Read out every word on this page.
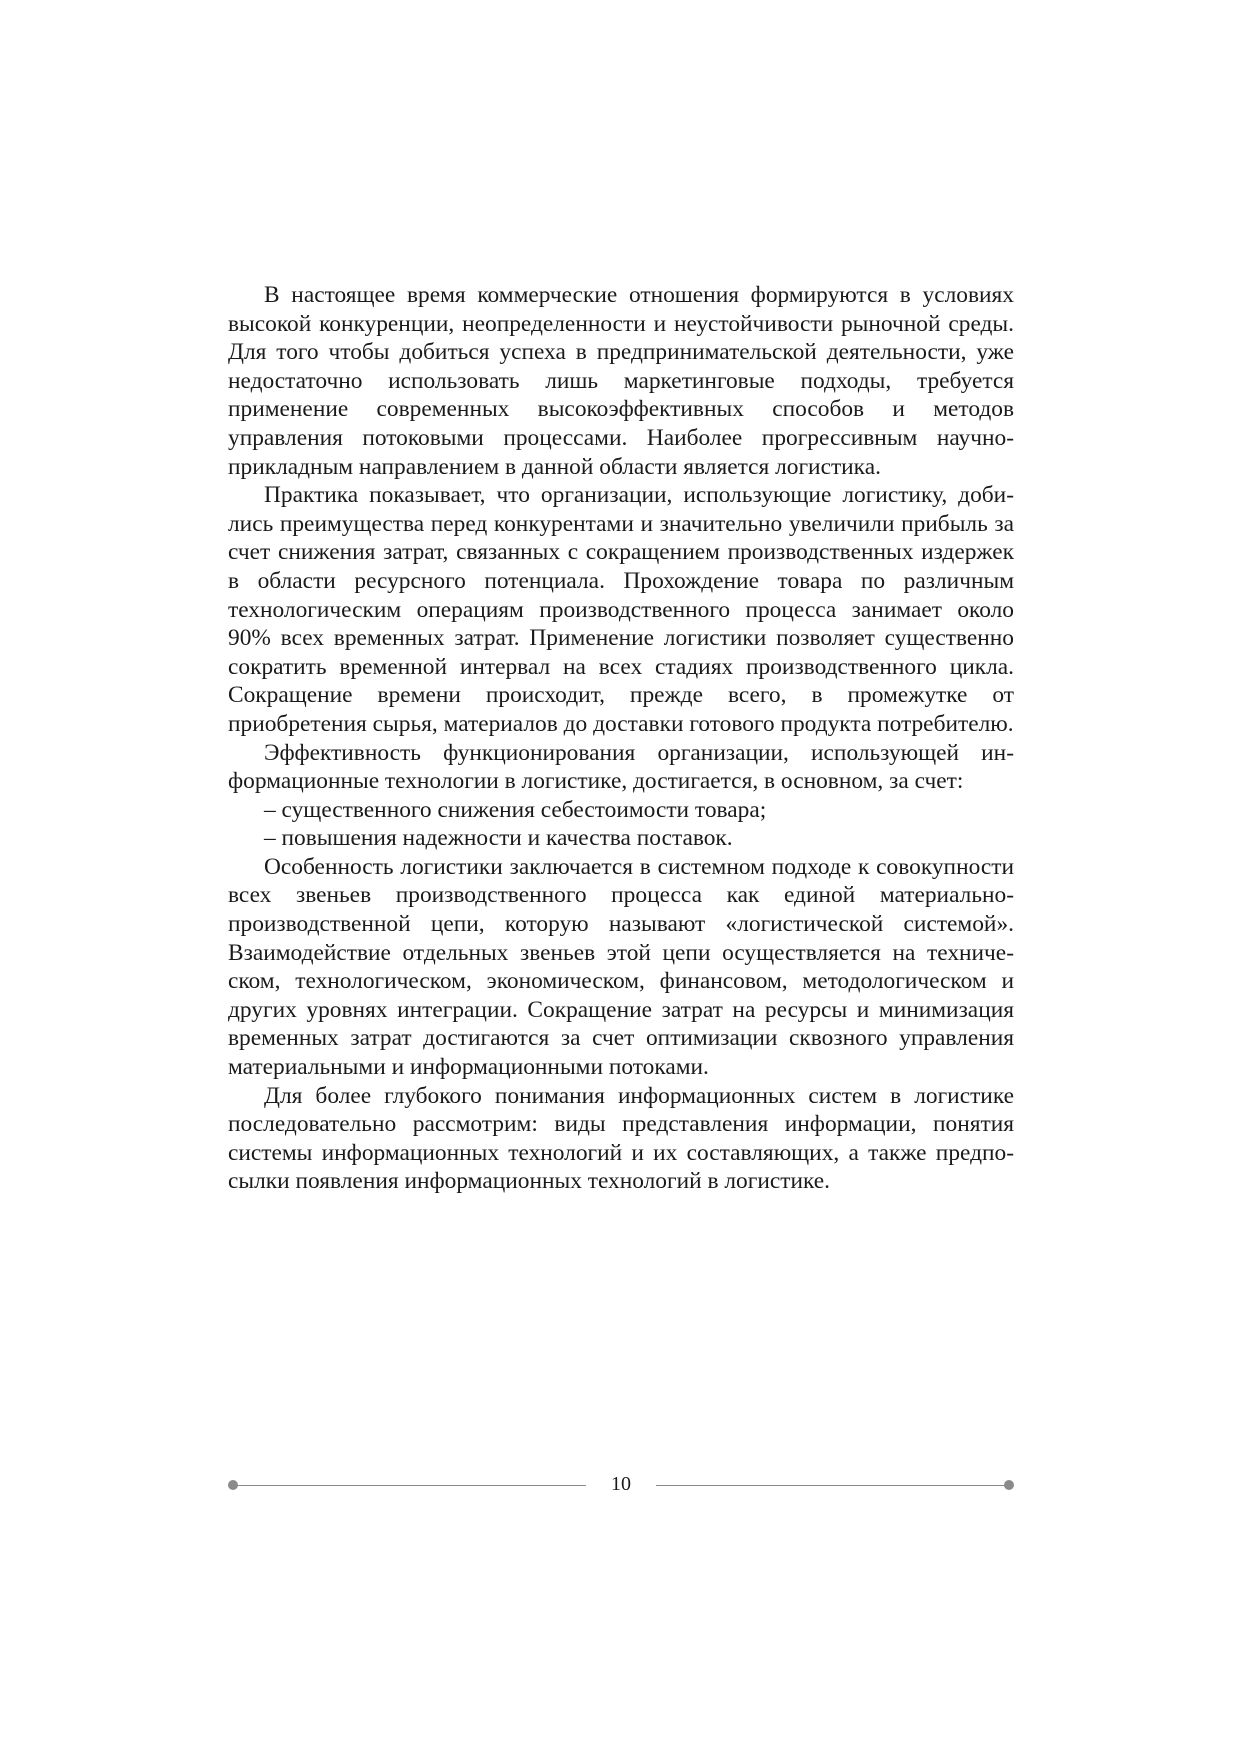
В настоящее время коммерческие отношения формируются в условиях высокой конкуренции, неопределенности и неустойчивости рыночной среды. Для того чтобы добиться успеха в предпринимательской деятельности, уже недостаточно использовать лишь маркетинговые подходы, требуется применение современных высокоэффективных способов и методов управления потоковыми процессами. Наиболее прогрессивным научно-прикладным направлением в данной области является логистика.

Практика показывает, что организации, использующие логистику, добились преимущества перед конкурентами и значительно увеличили прибыль за счет снижения затрат, связанных с сокращением производственных издержек в области ресурсного потенциала. Прохождение товара по различным технологическим операциям производственного процесса занимает около 90% всех временных затрат. Применение логистики позволяет существенно сократить временной интервал на всех стадиях производственного цикла. Сокращение времени происходит, прежде всего, в промежутке от приобретения сырья, материалов до доставки готового продукта потребителю.

Эффективность функционирования организации, использующей информационные технологии в логистике, достигается, в основном, за счет:

– существенного снижения себестоимости товара;

– повышения надежности и качества поставок.

Особенность логистики заключается в системном подходе к совокупности всех звеньев производственного процесса как единой материально-производственной цепи, которую называют «логистической системой». Взаимодействие отдельных звеньев этой цепи осуществляется на техническом, технологическом, экономическом, финансовом, методологическом и других уровнях интеграции. Сокращение затрат на ресурсы и минимизация временных затрат достигаются за счет оптимизации сквозного управления материальными и информационными потоками.

Для более глубокого понимания информационных систем в логистике последовательно рассмотрим: виды представления информации, понятия системы информационных технологий и их составляющих, а также предпосылки появления информационных технологий в логистике.

10
